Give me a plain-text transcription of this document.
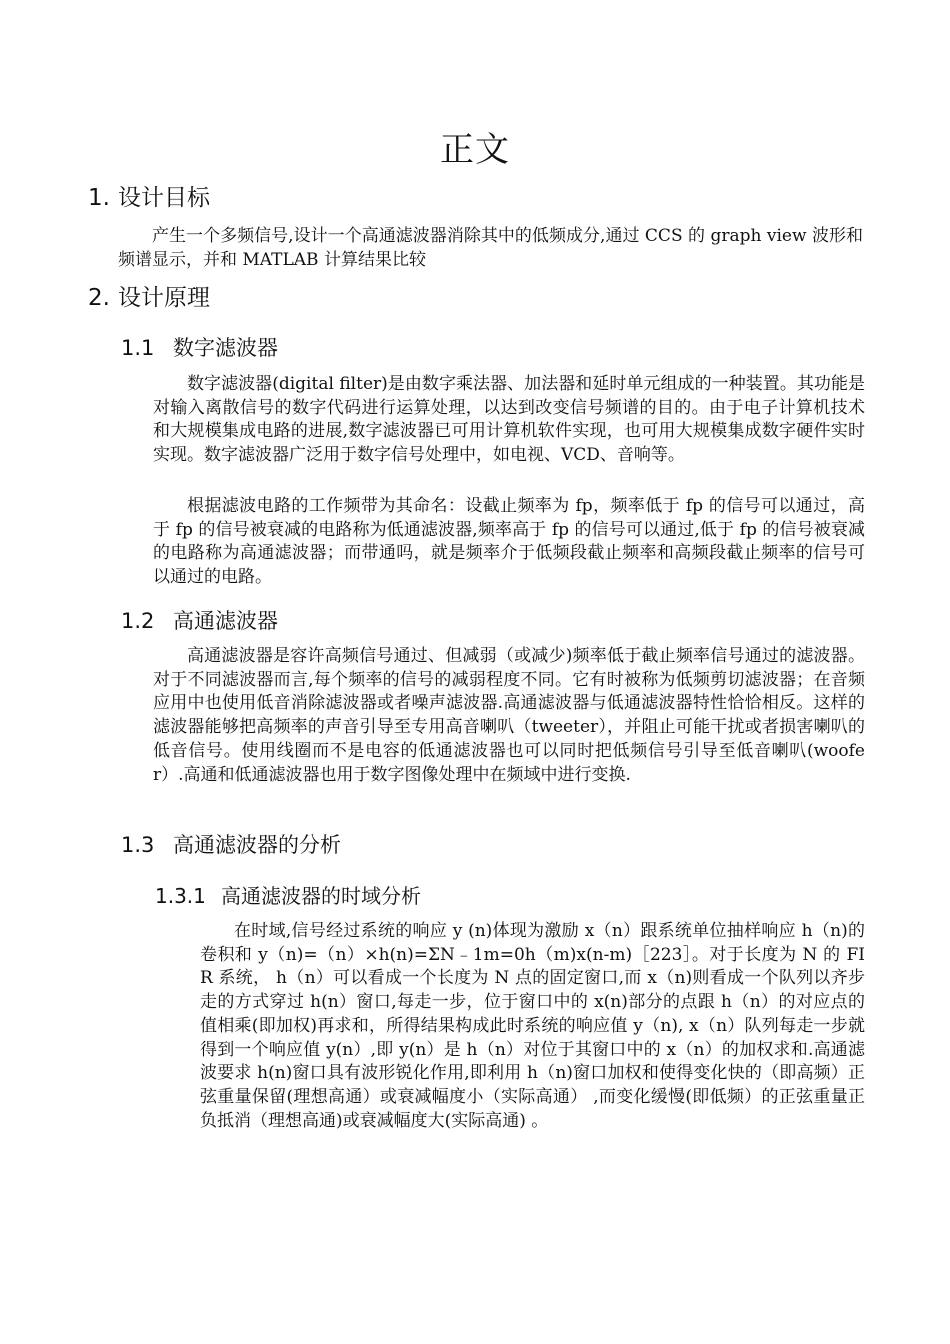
正文
1. 设计目标

产生一个多频信号,设计一个高通滤波器消除其中的低频成分,通过 CCS 的 graph view 波形和频谱显示，并和 MATLAB 计算结果比较

2. 设计原理
1.1 数字滤波器

数字滤波器(digital filter)是由数字乘法器、加法器和延时单元组成的一种装置。其功能是对输入离散信号的数字代码进行运算处理，以达到改变信号频谱的目的。由于电子计算机技术和大规模集成电路的进展,数字滤波器已可用计算机软件实现，也可用大规模集成数字硬件实时实现。数字滤波器广泛用于数字信号处理中，如电视、VCD、音响等。

根据滤波电路的工作频带为其命名：设截止频率为 fp，频率低于 fp 的信号可以通过，高于 fp 的信号被衰减的电路称为低通滤波器,频率高于 fp 的信号可以通过,低于 fp 的信号被衰减的电路称为高通滤波器；而带通吗，就是频率介于低频段截止频率和高频段截止频率的信号可以通过的电路。

1.2 高通滤波器

高通滤波器是容许高频信号通过、但减弱（或减少)频率低于截止频率信号通过的滤波器。对于不同滤波器而言,每个频率的信号的减弱程度不同。它有时被称为低频剪切滤波器；在音频应用中也使用低音消除滤波器或者噪声滤波器.高通滤波器与低通滤波器特性恰恰相反。这样的滤波器能够把高频率的声音引导至专用高音喇叭（tweeter），并阻止可能干扰或者损害喇叭的低音信号。使用线圈而不是电容的低通滤波器也可以同时把低频信号引导至低音喇叭(woofer）.高通和低通滤波器也用于数字图像处理中在频域中进行变换.

1.3 高通滤波器的分析
1.3.1 高通滤波器的时域分析

在时域,信号经过系统的响应 y (n)体现为激励 x（n）跟系统单位抽样响应 h（n)的卷积和 y（n)=（n）×h(n)=ΣN﹣1m=0h（m)x(n-m)［223］。对于长度为 N 的 FIR 系统， h（n）可以看成一个长度为 N 点的固定窗口,而 x（n)则看成一个队列以齐步走的方式穿过 h(n）窗口,每走一步，位于窗口中的 x(n)部分的点跟 h（n）的对应点的值相乘(即加权)再求和，所得结果构成此时系统的响应值 y（n), x（n）队列每走一步就得到一个响应值 y(n）,即 y(n）是 h（n）对位于其窗口中的 x（n）的加权求和.高通滤波要求 h(n)窗口具有波形锐化作用,即利用 h（n)窗口加权和使得变化快的（即高频）正弦重量保留(理想高通）或衰减幅度小（实际高通） ,而变化缓慢(即低频）的正弦重量正负抵消（理想高通)或衰减幅度大(实际高通) 。
